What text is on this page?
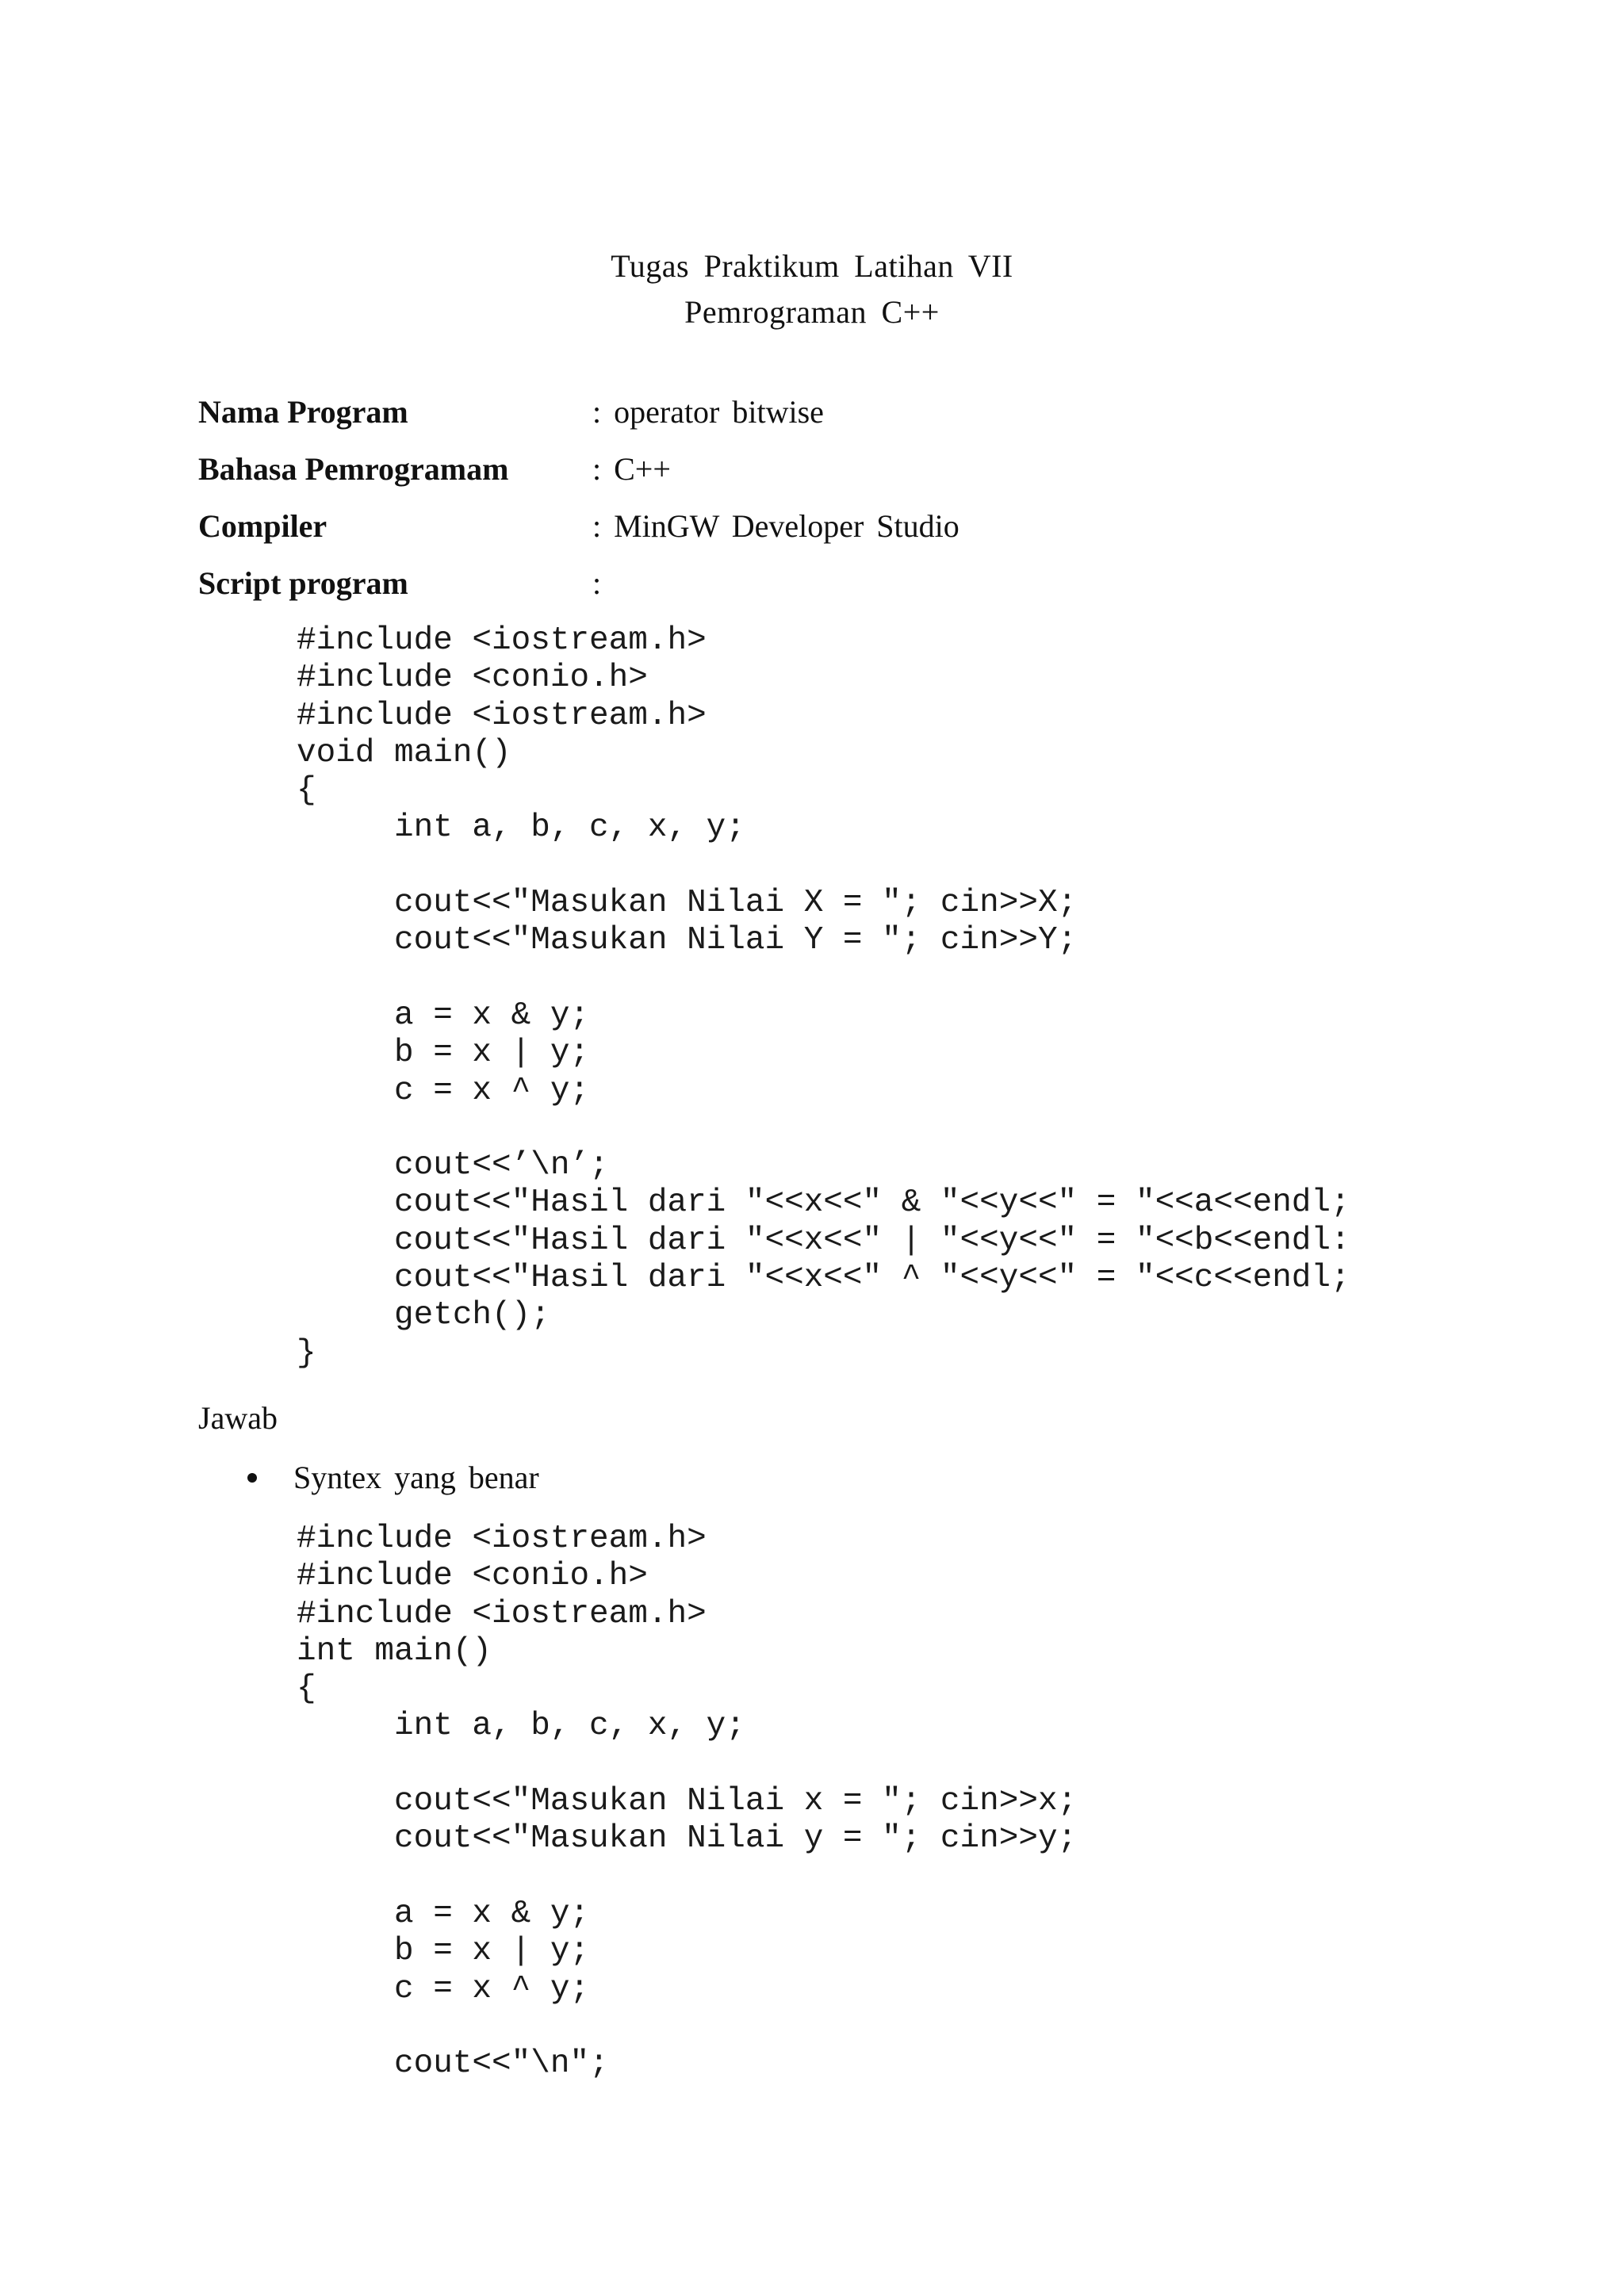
Tugas Praktikum Latihan VII
Pemrograman C++
Nama Program	: operator bitwise
Bahasa Pemrogramam	: C++
Compiler	: MinGW Developer Studio
Script program	:
#include <iostream.h>
#include <conio.h>
#include <iostream.h>
void main()
{
int a, b, c, x, y;

cout<<"Masukan Nilai X = "; cin>>X;
cout<<"Masukan Nilai Y = "; cin>>Y;

a = x & y;
b = x | y;
c = x ^ y;

cout<<’\n’;
cout<<"Hasil dari "<<x<<" & "<<y<<" = "<<a<<endl;
cout<<"Hasil dari "<<x<<" | "<<y<<" = "<<b<<endl:
cout<<"Hasil dari "<<x<<" ^ "<<y<<" = "<<c<<endl;
getch();
}
Jawab
Syntex yang benar
#include <iostream.h>
#include <conio.h>
#include <iostream.h>
int main()
{
int a, b, c, x, y;

cout<<"Masukan Nilai x = "; cin>>x;
cout<<"Masukan Nilai y = "; cin>>y;

a = x & y;
b = x | y;
c = x ^ y;

cout<<"\n";
